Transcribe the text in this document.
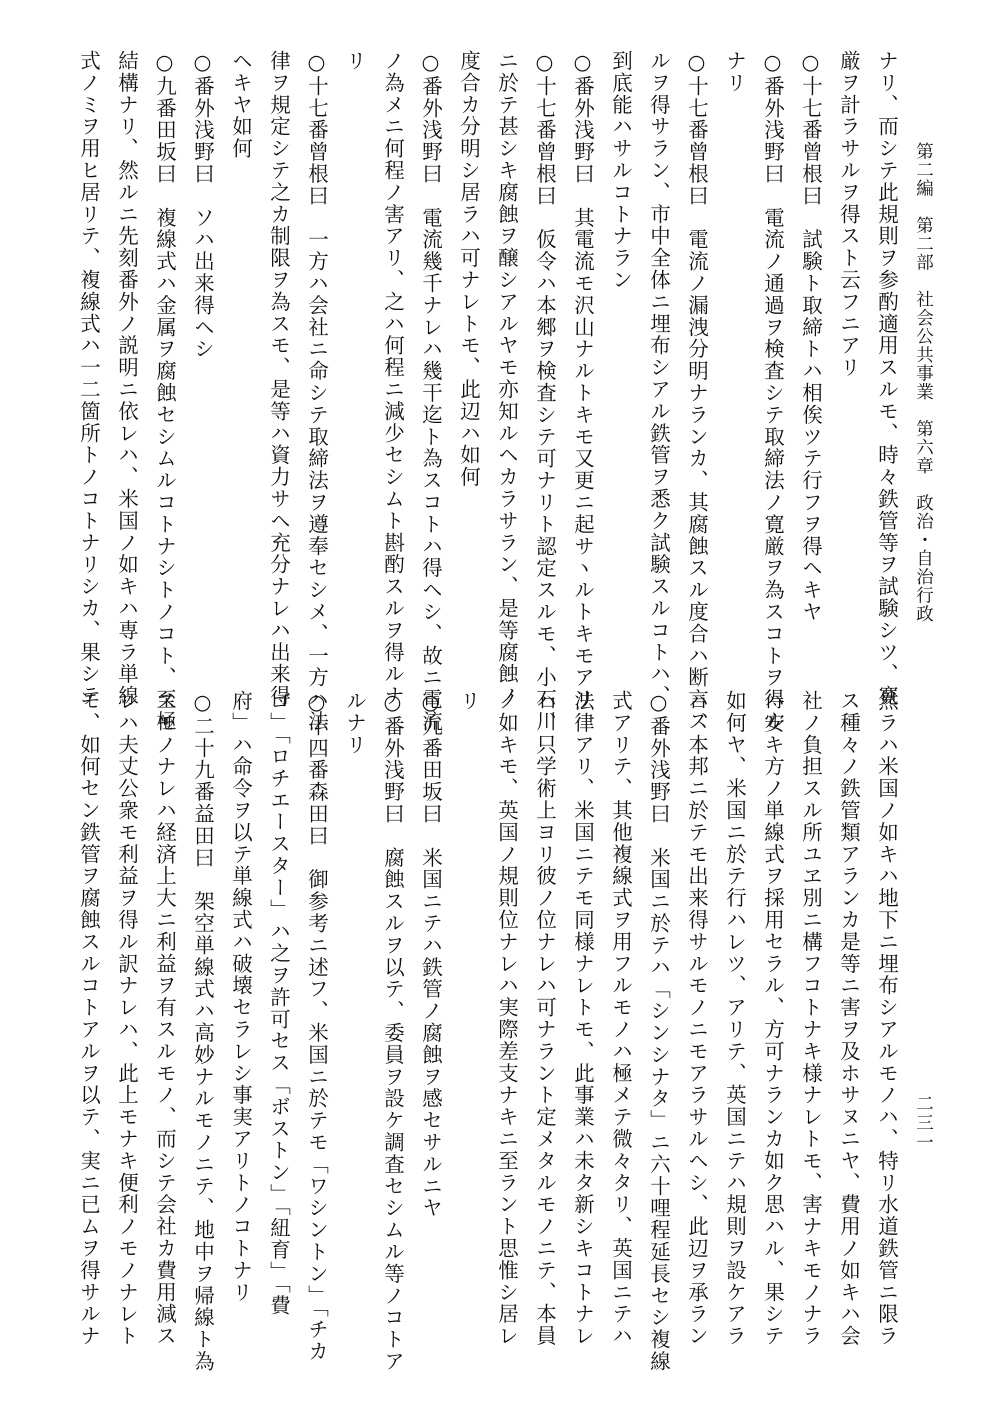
第二編　第二部　社会公共事業　第六章　政治・自治行政
二三一
ナリ、而シテ此規則ヲ参酌適用スルモ、時々鉄管等ヲ試験シツ、寛
厳ヲ計ラサルヲ得スト云フニアリ
○十七番曾根曰　試験ト取締トハ相俟ツテ行フヲ得ヘキヤ
○番外浅野曰　電流ノ通過ヲ検査シテ取締法ノ寛厳ヲ為スコトヲ得ル
ナリ
○十七番曾根曰　電流ノ漏洩分明ナランカ、其腐蝕スル度合ハ断言ス
ルヲ得サラン、市中全体ニ埋布シアル鉄管ヲ悉ク試験スルコトハ、
到底能ハサルコトナラン
○番外浅野曰　其電流モ沢山ナルトキモ又更ニ起サヽルトキモアリ
○十七番曾根曰　仮令ハ本郷ヲ検査シテ可ナリト認定スルモ、小石川
ニ於テ甚シキ腐蝕ヲ醸シアルヤモ亦知ルヘカラサラン、是等腐蝕ノ
度合カ分明シ居ラハ可ナレトモ、此辺ハ如何
○番外浅野曰　電流幾千ナレハ幾干迄ト為スコトハ得ヘシ、故ニ電流
ノ為メニ何程ノ害アリ、之ハ何程ニ減少セシムト斟酌スルヲ得ルナ
リ
○十七番曾根曰　一方ハ会社ニ命シテ取締法ヲ遵奉セシメ、一方ハ法
律ヲ規定シテ之カ制限ヲ為スモ、是等ハ資力サヘ充分ナレハ出来得
ヘキヤ如何
○番外浅野曰　ソハ出来得ヘシ
○九番田坂曰　複線式ハ金属ヲ腐蝕セシムルコトナシトノコト、至極
結構ナリ、然ルニ先刻番外ノ説明ニ依レハ、米国ノ如キハ専ラ単線
式ノミヲ用ヒ居リテ、複線式ハ一二箇所トノコトナリシカ、果シテ
然ラハ米国ノ如キハ地下ニ埋布シアルモノハ、特リ水道鉄管ニ限ラ
ス種々ノ鉄管類アランカ是等ニ害ヲ及ホサヌニヤ、費用ノ如キハ会
社ノ負担スル所ユヱ別ニ構フコトナキ様ナレトモ、害ナキモノナラ
ハ安キ方ノ単線式ヲ採用セラル、方可ナランカ如ク思ハル、果シテ
如何ヤ、米国ニ於テ行ハレツ、アリテ、英国ニテハ規則ヲ設ケアラ
ハ、本邦ニ於テモ出来得サルモノニモアラサルヘシ、此辺ヲ承ラン
○番外浅野曰　米国ニ於テハ「シンシナタ」ニ六十哩程延長セシ複線
式アリテ、其他複線式ヲ用フルモノハ極メテ微々タリ、英国ニテハ
法律アリ、米国ニテモ同様ナレトモ、此事業ハ未タ新シキコトナレ
ハ、只学術上ヨリ彼ノ位ナレハ可ナラント定メタルモノニテ、本員
ノ如キモ、英国ノ規則位ナレハ実際差支ナキニ至ラント思惟シ居レ
リ
○九番田坂曰　米国ニテハ鉄管ノ腐蝕ヲ感セサルニヤ
○番外浅野曰　腐蝕スルヲ以テ、委員ヲ設ケ調査セシムル等ノコトア
ルナリ
○十四番森田曰　御参考ニ述フ、米国ニ於テモ「ワシントン」「チカ
ゴ」「ロチエースター」ハ之ヲ許可セス「ボストン」「紐育」「費
府」ハ命令ヲ以テ単線式ハ破壊セラレシ事実アリトノコトナリ
○二十九番益田曰　架空単線式ハ高妙ナルモノニテ、地中ヲ帰線ト為
スモノナレハ経済上大ニ利益ヲ有スルモノ、而シテ会社カ費用減ス
レハ夫丈公衆モ利益ヲ得ル訳ナレハ、此上モナキ便利ノモノナレト
モ、如何セン鉄管ヲ腐蝕スルコトアルヲ以テ、実ニ已ムヲ得サルナ
